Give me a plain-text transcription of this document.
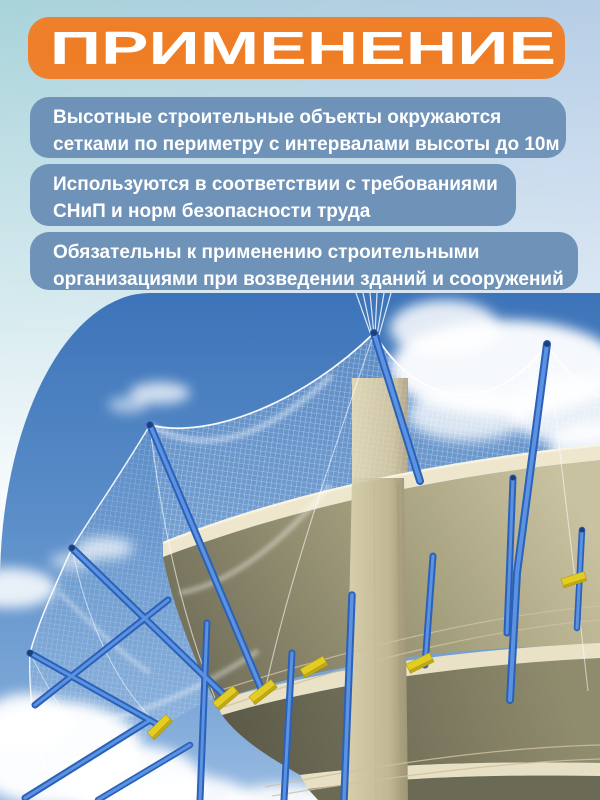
ПРИМЕНЕНИЕ
Высотные строительные объекты окружаются
сетками по периметру с интервалами высоты до 10м
Используются в соответствии с требованиями
СНиП и норм безопасности труда
Обязательны к применению строительными
организациями при возведении зданий и сооружений
